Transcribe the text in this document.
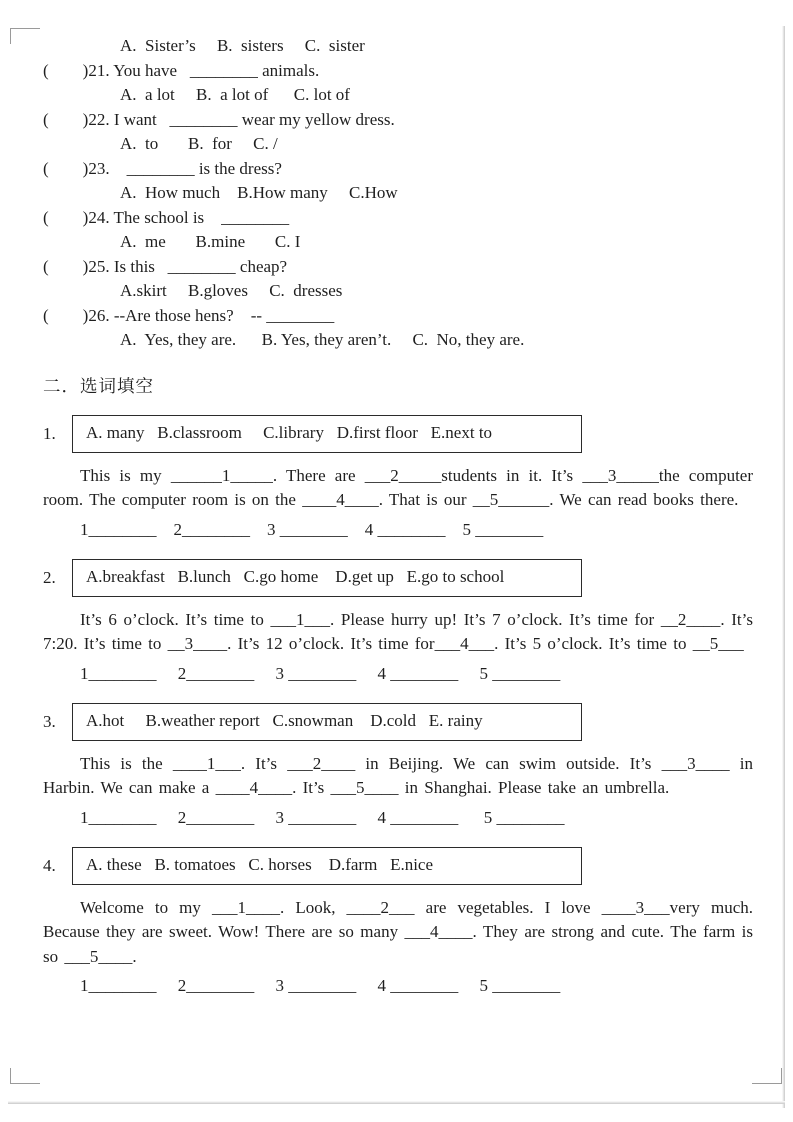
A.  Sister’s     B.  sisters     C.  sister
(        )21. You have   ________ animals.
A.  a lot     B.  a lot of      C. lot of
(        )22. I want   ________ wear my yellow dress.
A.  to       B.  for     C. /
(        )23.    ________ is the dress?
A.  How much    B.How many     C.How
(        )24. The school is    ________
A.  me       B.mine       C. I
(        )25. Is this   ________ cheap?
A.skirt     B.gloves     C.  dresses
(        )26. --Are those hens?    -- ________
A.  Yes, they are.      B. Yes, they aren’t.     C.  No, they are.
二．选词填空
1.	A. many   B.classroom     C.library   D.first floor   E.next to
This is my ______1_____. There are ___2_____students in it. It’s ___3_____the computer room. The computer room is on the ____4____. That is our __5______. We can read books there.
1________    2________    3 ________    4 ________    5 ________
2.	A.breakfast   B.lunch   C.go home    D.get up   E.go to school
It’s 6 o’clock. It’s time to ___1___. Please hurry up! It’s 7 o’clock. It’s time for __2____. It’s 7:20. It’s time to __3____. It’s 12 o’clock. It’s time for___4___. It’s 5 o’clock. It’s time to __5___
1________     2________     3 ________     4 ________     5 ________
3.	A.hot     B.weather report   C.snowman    D.cold   E. rainy
This is the ____1___. It’s ___2____ in Beijing. We can swim outside. It’s ___3____ in Harbin. We can make a ____4____. It’s ___5____ in Shanghai. Please take an umbrella.
1________     2________     3 ________     4 ________      5 ________
4.	A. these   B. tomatoes   C. horses    D.farm   E.nice
Welcome to my ___1____. Look, ____2___ are vegetables. I love ____3___very much. Because they are sweet. Wow! There are so many ___4____. They are strong and cute. The farm is so ___5____.
1________     2________     3 ________     4 ________     5 ________
